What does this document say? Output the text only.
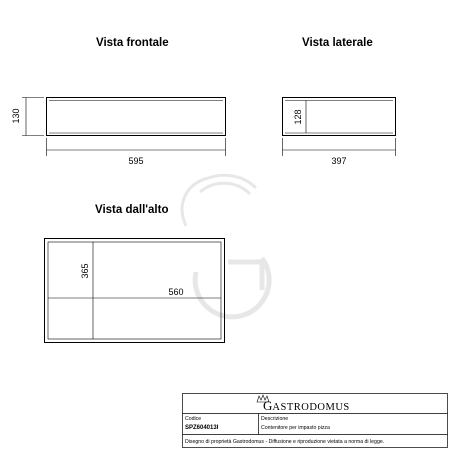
Vista frontale
130
595
Vista laterale
128
397
Vista dall'alto
365
560
GASTRODOMUS
Codice
SPZ604013I
Descrizione
Contenitore per impasto pizza
Disegno di proprietà Gastrodomus - Diffusione e riproduzione vietata a norma di legge.
